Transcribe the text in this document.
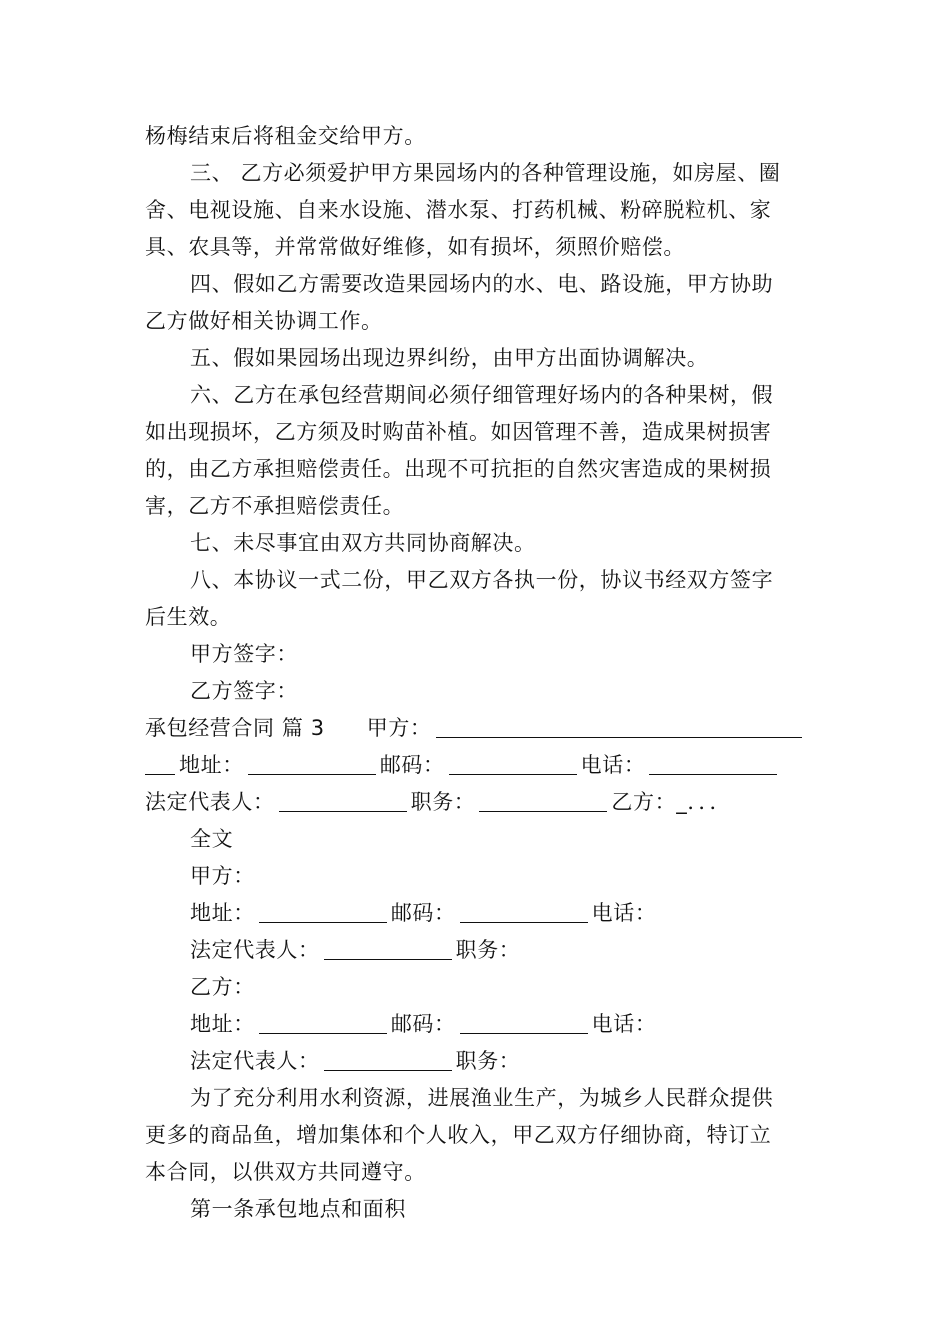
杨梅结束后将租金交给甲方。
三、 乙方必须爱护甲方果园场内的各种管理设施，如房屋、圈
舍、电视设施、自来水设施、潜水泵、打药机械、粉碎脱粒机、家
具、农具等，并常常做好维修，如有损坏，须照价赔偿。
四、假如乙方需要改造果园场内的水、电、路设施，甲方协助
乙方做好相关协调工作。
五、假如果园场出现边界纠纷，由甲方出面协调解决。
六、乙方在承包经营期间必须仔细管理好场内的各种果树，假
如出现损坏，乙方须及时购苗补植。如因管理不善，造成果树损害
的，由乙方承担赔偿责任。出现不可抗拒的自然灾害造成的果树损
害，乙方不承担赔偿责任。
七、未尽事宜由双方共同协商解决。
八、本协议一式二份，甲乙双方各执一份，协议书经双方签字
后生效。
甲方签字：
乙方签字：
承包经营合同 篇 3 甲方：
地址：	邮码：	电话：
法定代表人：	职务：	乙方：_．．．
全文
甲方：
地址：	邮码：	电话：
法定代表人：	职务：
乙方：
地址：	邮码：	电话：
法定代表人：	职务：
为了充分利用水利资源，进展渔业生产，为城乡人民群众提供
更多的商品鱼，增加集体和个人收入，甲乙双方仔细协商，特订立
本合同，以供双方共同遵守。
第一条承包地点和面积
